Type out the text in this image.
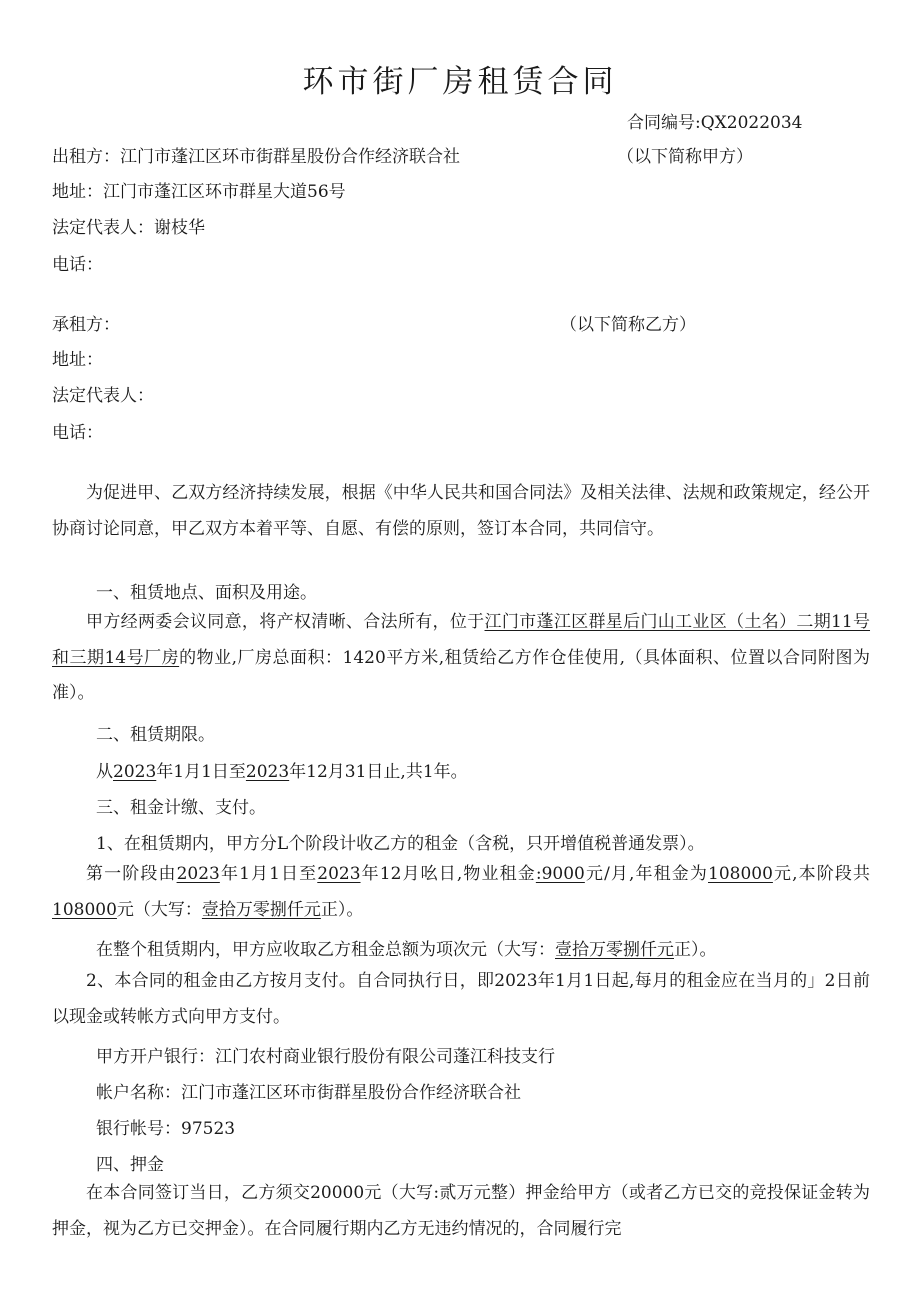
环市街厂房租赁合同
合同编号:QX2022034
出租方：江门市蓬江区环市街群星股份合作经济联合社	（以下简称甲方）
地址：江门市蓬江区环市群星大道56号
法定代表人：谢枝华
电话：
承租方：	（以下简称乙方）
地址：
法定代表人：
电话：

为促进甲、乙双方经济持续发展，根据《中华人民共和国合同法》及相关法律、法规和政策规定，经公开协商讨论同意，甲乙双方本着平等、自愿、有偿的原则，签订本合同，共同信守。

一、租赁地点、面积及用途。

甲方经两委会议同意，将产权清晰、合法所有，位于江门市蓬江区群星后门山工业区（土名）二期11号和三期14号厂房的物业,厂房总面积：1420平方米,租赁给乙方作仓佳使用,（具体面积、位置以合同附图为准）。

二、租赁期限。
从2023年1月1日至2023年12月31日止,共1年。
三、租金计缴、支付。
1、在租赁期内，甲方分L个阶段计收乙方的租金（含税，只开增值税普通发票）。

第一阶段由2023年1月1日至2023年12月吆日,物业租金:9000元/月,年租金为108000元,本阶段共108000元（大写：壹拾万零捌仟元正）。

在整个租赁期内，甲方应收取乙方租金总额为项次元（大写：壹拾万零捌仟元正）。

2、本合同的租金由乙方按月支付。自合同执行日，即2023年1月1日起,每月的租金应在当月的」2日前以现金或转帐方式向甲方支付。

甲方开户银行：江门农村商业银行股份有限公司蓬江科技支行
帐户名称：江门市蓬江区环市街群星股份合作经济联合社
银行帐号：97523
四、押金

在本合同签订当日，乙方须交20000元（大写:贰万元整）押金给甲方（或者乙方已交的竞投保证金转为押金，视为乙方已交押金）。在合同履行期内乙方无违约情况的，合同履行完
